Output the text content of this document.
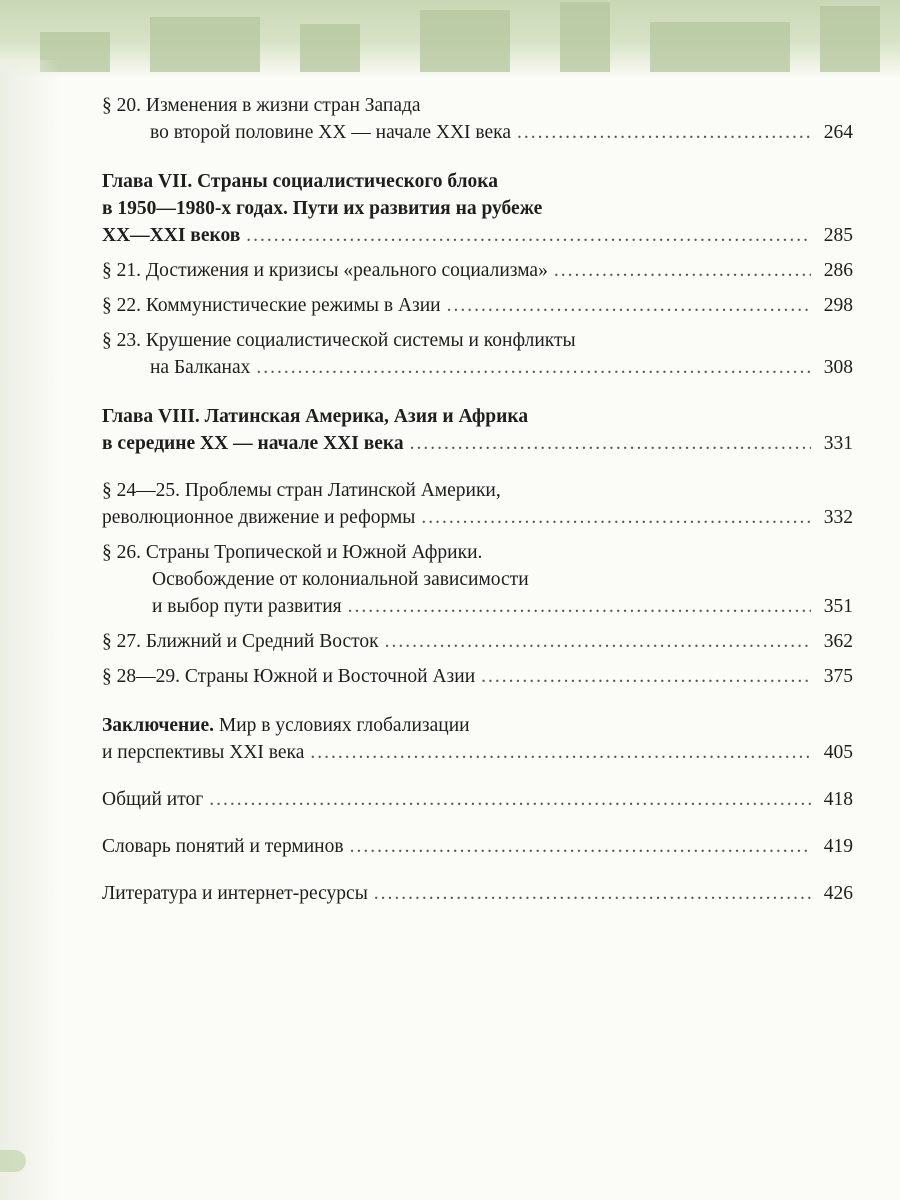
§ 20.
Изменения в жизни стран Запада
во второй половине XX — начале XXI века .....	264
Глава VII. Страны социалистического блока
в 1950—1980-х годах. Пути их развития на рубеже
XX—XXI веков .....	285
§ 21.
Достижения и кризисы «реального социализма» .....	286
§ 22.
Коммунистические режимы в Азии .....	298
§ 23.
Крушение социалистической системы и конфликты
на Балканах .....	308
Глава VIII. Латинская Америка, Азия и Африка
в середине XX — начале XXI века .....	331
§ 24—25.
Проблемы стран Латинской Америки,
революционное движение и реформы .....	332
§ 26.
Страны Тропической и Южной Африки.
Освобождение от колониальной зависимости
и выбор пути развития .....	351
§ 27.
Ближний и Средний Восток .....	362
§ 28—29.
Страны Южной и Восточной Азии .....	375
Заключение.
Мир в условиях глобализации
и перспективы XXI века .....	405
Общий итог .....	418
Словарь понятий и терминов .....	419
Литература и интернет-ресурсы .....	426
